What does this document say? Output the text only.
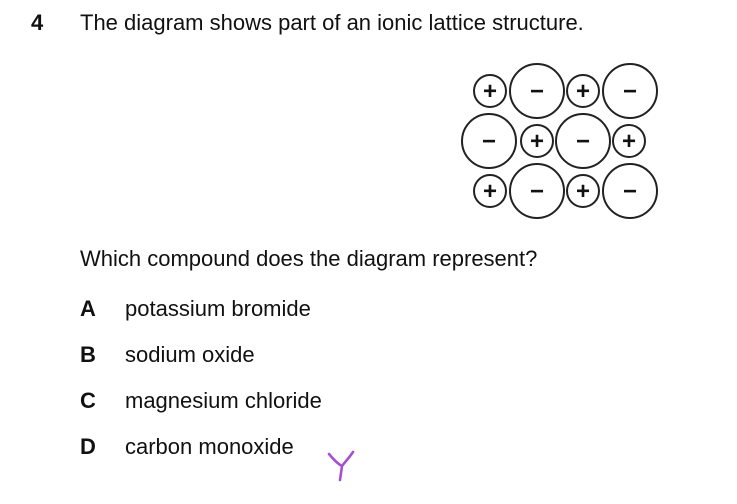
4 The diagram shows part of an ionic lattice structure.
−	−
−	−
−	−
+	+
+	+
+	+
Which compound does the diagram represent?
A	potassium bromide
B	sodium oxide
C	magnesium chloride
D	carbon monoxide
